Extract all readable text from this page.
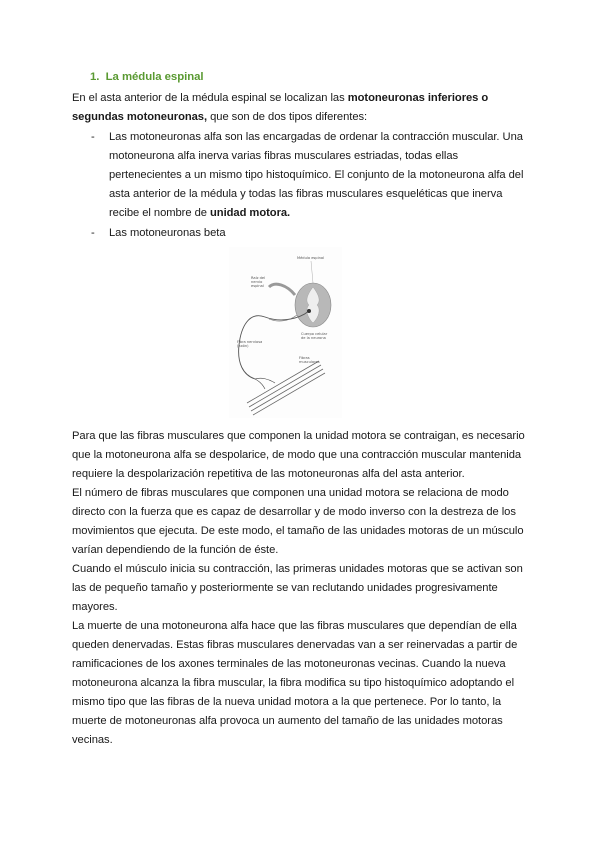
1. La médula espinal
En el asta anterior de la médula espinal se localizan las motoneuronas inferiores o
segundas motoneuronas, que son de dos tipos diferentes:
- Las motoneuronas alfa son las encargadas de ordenar la contracción muscular. Una
motoneurona alfa inerva varias fibras musculares estriadas, todas ellas
pertenecientes a un mismo tipo histoquímico. El conjunto de la motoneurona alfa del
asta anterior de la médula y todas las fibras musculares esqueléticas que inerva
recibe el nombre de unidad motora.
- Las motoneuronas beta
Médula espinal
Raíz del
nervio
espinal
Cuerpo celular
de la neurona
Fibra nerviosa
(axón)
Fibras
musculares
Para que las fibras musculares que componen la unidad motora se contraigan, es necesario
que la motoneurona alfa se despolarice, de modo que una contracción muscular mantenida
requiere la despolarización repetitiva de las motoneuronas alfa del asta anterior.
El número de fibras musculares que componen una unidad motora se relaciona de modo
directo con la fuerza que es capaz de desarrollar y de modo inverso con la destreza de los
movimientos que ejecuta. De este modo, el tamaño de las unidades motoras de un músculo
varían dependiendo de la función de éste.
Cuando el músculo inicia su contracción, las primeras unidades motoras que se activan son
las de pequeño tamaño y posteriormente se van reclutando unidades progresivamente
mayores.
La muerte de una motoneurona alfa hace que las fibras musculares que dependían de ella
queden denervadas. Estas fibras musculares denervadas van a ser reinervadas a partir de
ramificaciones de los axones terminales de las motoneuronas vecinas. Cuando la nueva
motoneurona alcanza la fibra muscular, la fibra modifica su tipo histoquímico adoptando el
mismo tipo que las fibras de la nueva unidad motora a la que pertenece. Por lo tanto, la
muerte de motoneuronas alfa provoca un aumento del tamaño de las unidades motoras
vecinas.
